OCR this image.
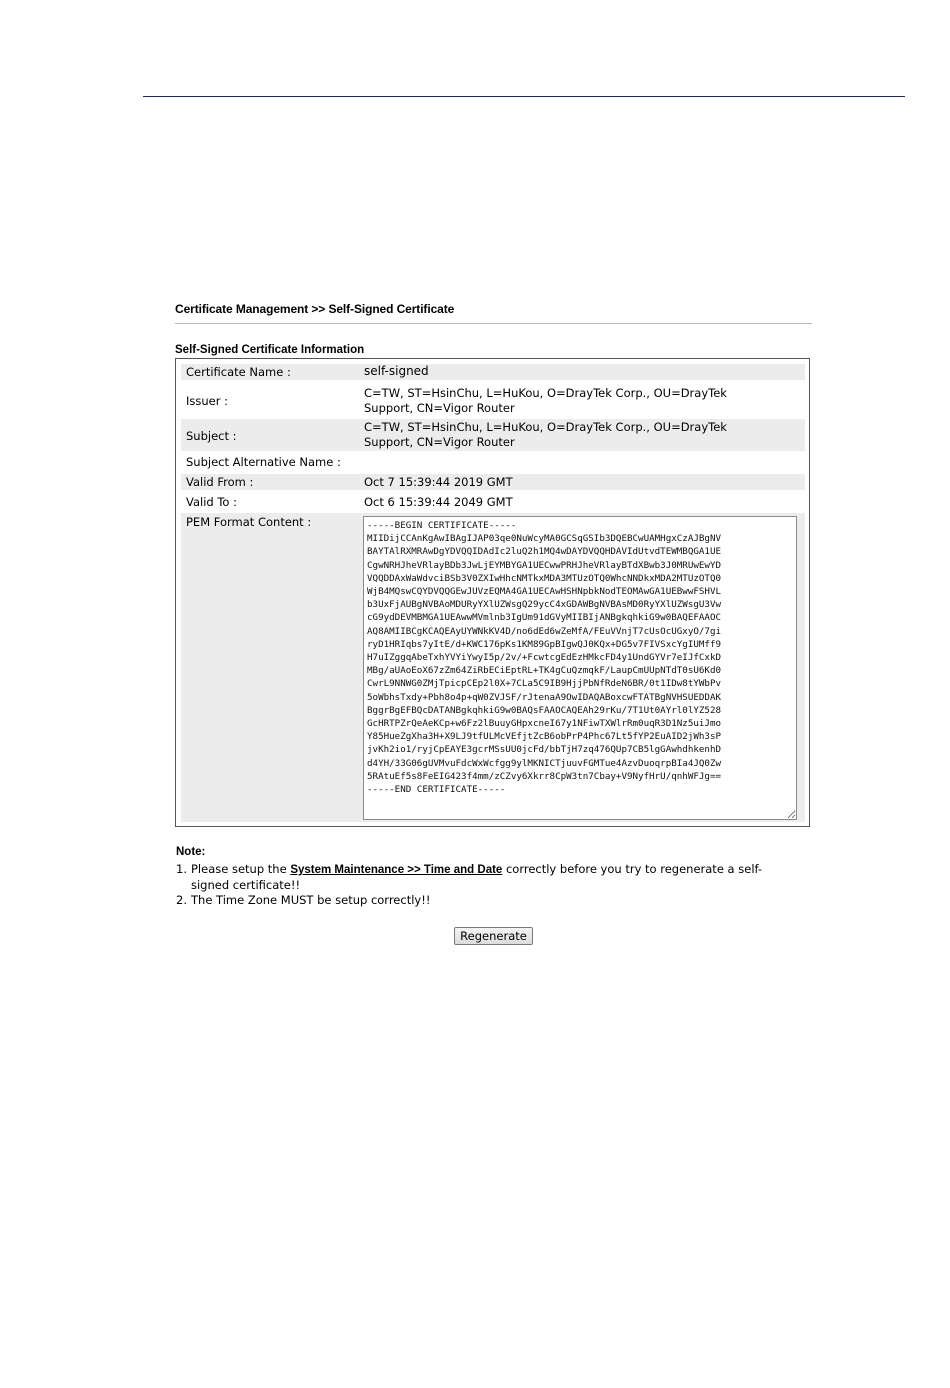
Certificate Management >> Self-Signed Certificate
Self-Signed Certificate Information
Certificate Name :	self-signed
Issuer :
C=TW, ST=HsinChu, L=HuKou, O=DrayTek Corp., OU=DrayTek
Support, CN=Vigor Router
Subject :
C=TW, ST=HsinChu, L=HuKou, O=DrayTek Corp., OU=DrayTek
Support, CN=Vigor Router
Subject Alternative Name :
Valid From :	Oct 7 15:39:44 2019 GMT
Valid To :	Oct 6 15:39:44 2049 GMT
PEM Format Content :
-----BEGIN CERTIFICATE----- MIIDijCCAnKgAwIBAgIJAP03qe0NuWcyMA0GCSqGSIb3DQEBCwUAMHgxCzAJBgNV BAYTAlRXMRAwDgYDVQQIDAdIc2luQ2h1MQ4wDAYDVQQHDAVIdUtvdTEWMBQGA1UE CgwNRHJheVRlayBDb3JwLjEYMBYGA1UECwwPRHJheVRlayBTdXBwb3J0MRUwEwYD VQQDDAxWaWdvciBSb3V0ZXIwHhcNMTkxMDA3MTUzOTQ0WhcNNDkxMDA2MTUzOTQ0 WjB4MQswCQYDVQQGEwJUVzEQMA4GA1UECAwHSHNpbkNodTEOMAwGA1UEBwwFSHVL b3UxFjAUBgNVBAoMDURyYXlUZWsgQ29ycC4xGDAWBgNVBAsMD0RyYXlUZWsgU3Vw cG9ydDEVMBMGA1UEAwwMVmlnb3IgUm91dGVyMIIBIjANBgkqhkiG9w0BAQEFAAOC AQ8AMIIBCgKCAQEAyUYWNkKV4D/no6dEd6wZeMfA/FEuVVnjT7cUsOcUGxyO/7gi ryD1HRIqbs7yItE/d+KWC176pKs1KM89GpBIgwQJ0KQx+DG5v7FIVSxcYgIUMff9 H7uIZggqAbeTxhYVYiYwyI5p/2v/+FcwtcgEdEzHMkcFD4y1UndGYVr7eIJfCxkD MBg/aUAoEoX67zZm64ZiRbECiEptRL+TK4gCuQzmqkF/LaupCmUUpNTdT0sU6Kd0 CwrL9NNWG0ZMjTpicpCEp2l0X+7CLa5C9IB9HjjPbNfRdeN6BR/0t1IDw8tYWbPv 5oWbhsTxdy+Pbh8o4p+qW0ZVJSF/rJtenaA9OwIDAQABoxcwFTATBgNVHSUEDDAK BggrBgEFBQcDATANBgkqhkiG9w0BAQsFAAOCAQEAh29rKu/7T1Ut0AYrl0lYZ528 GcHRTPZrQeAeKCp+w6Fz2lBuuyGHpxcneI67y1NFiwTXWlrRm0uqR3D1Nz5uiJmo Y85HueZgXha3H+X9LJ9tfULMcVEfjtZcB6obPrP4Phc67Lt5fYP2EuAID2jWh3sP jvKh2io1/ryjCpEAYE3gcrMSsUU0jcFd/bbTjH7zq476QUp7CB5lgGAwhdhkenhD d4YH/33G06gUVMvuFdcWxWcfgg9ylMKNICTjuuvFGMTue4AzvDuoqrpBIa4JQ0Zw 5RAtuEf5s8FeEIG423f4mm/zCZvy6Xkrr8CpW3tn7Cbay+V9NyfHrU/qnhWFJg== -----END CERTIFICATE-----
Note:
1. Please setup the System Maintenance >> Time and Date correctly before you try to regenerate a self-
signed certificate!!
2. The Time Zone MUST be setup correctly!!
Regenerate
